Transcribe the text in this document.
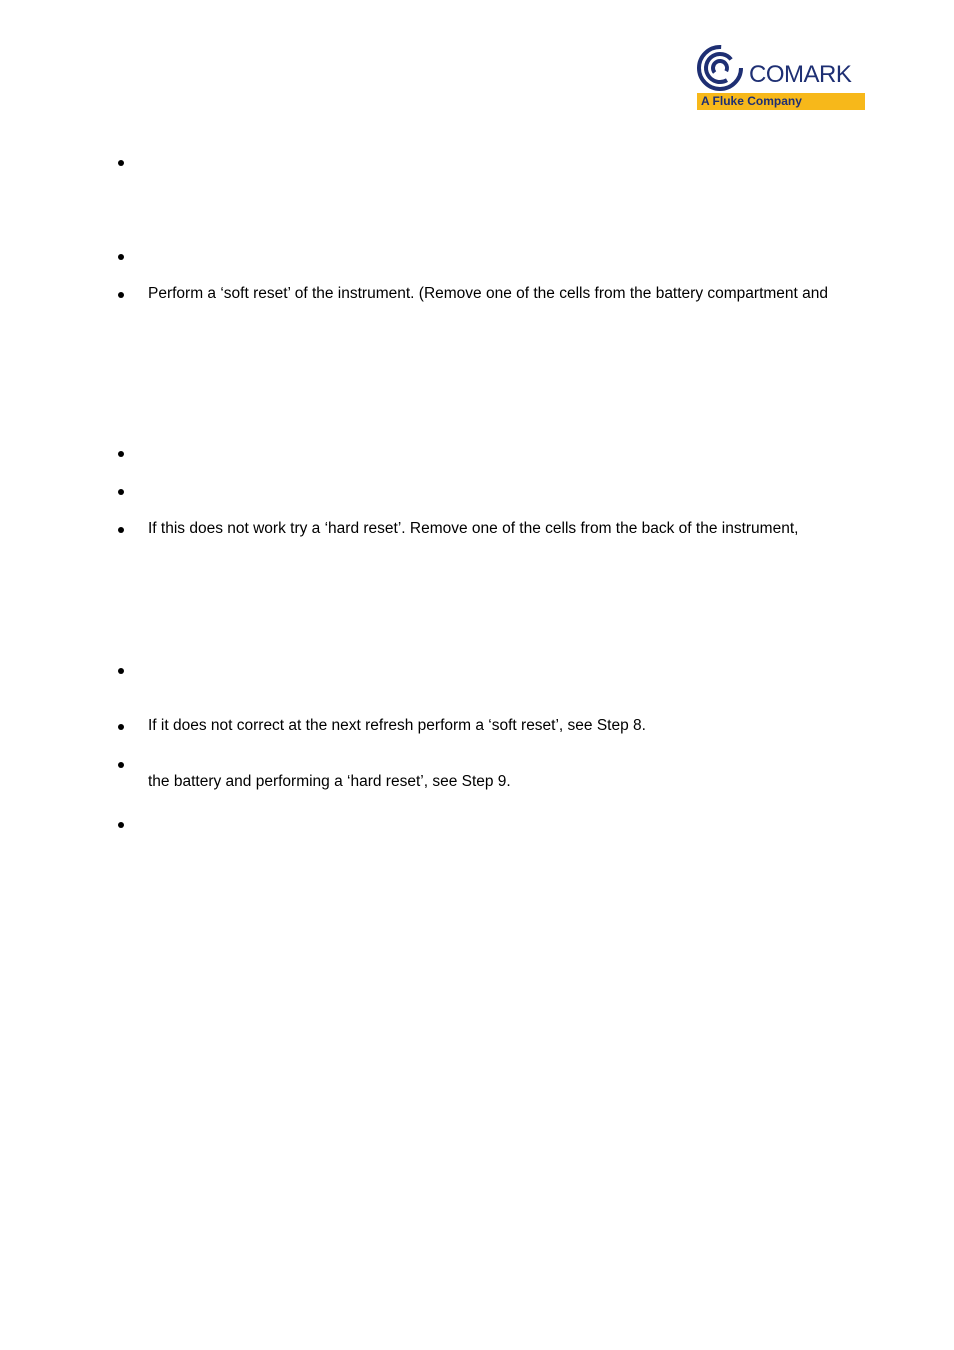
COMARK
A Fluke Company
Perform a ‘soft reset’ of the instrument. (Remove one of the cells from the battery compartment and
If this does not work try a ‘hard reset’. Remove one of the cells from the back of the instrument,
If it does not correct at the next refresh perform a ‘soft reset’, see Step 8.
the battery and performing a ‘hard reset’, see Step 9.
